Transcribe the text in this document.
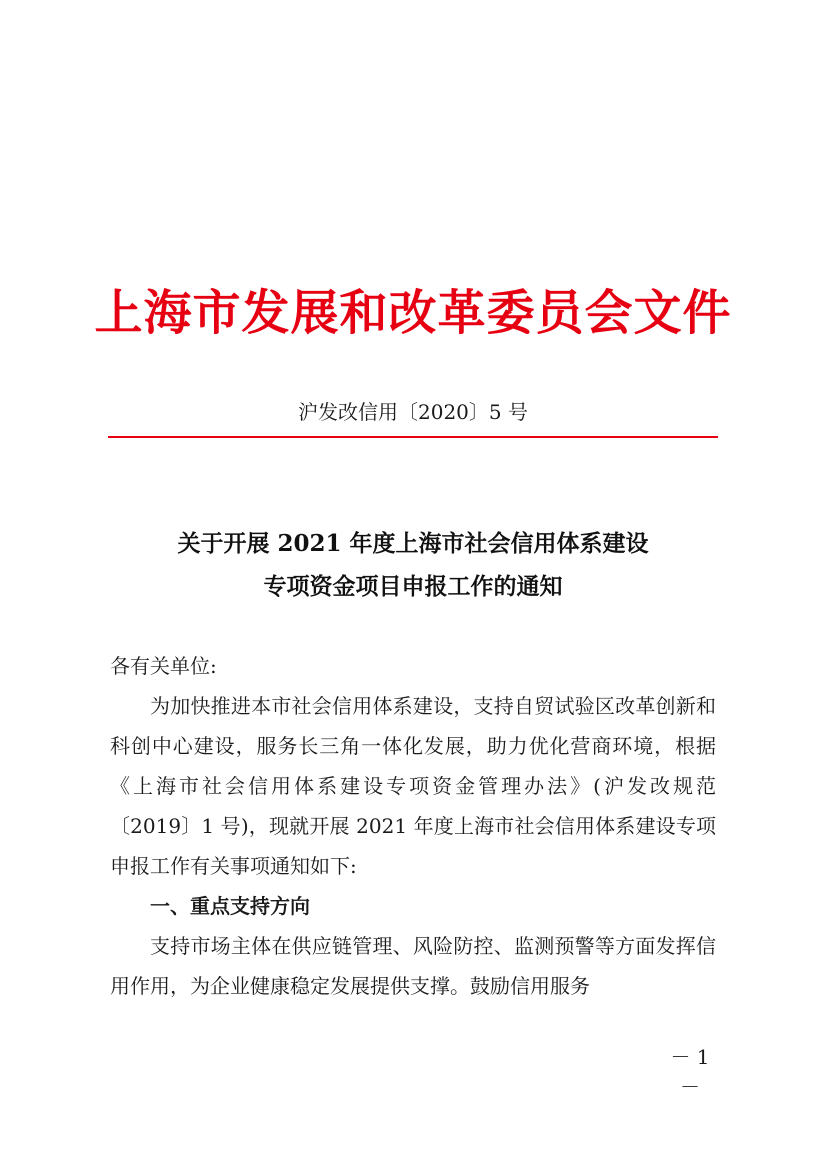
上海市发展和改革委员会文件
沪发改信用〔2020〕5 号
关于开展 2021 年度上海市社会信用体系建设
专项资金项目申报工作的通知

各有关单位:

为加快推进本市社会信用体系建设，支持自贸试验区改革创新和科创中心建设，服务长三角一体化发展，助力优化营商环境，根据《上海市社会信用体系建设专项资金管理办法》(沪发改规范〔2019〕1 号)，现就开展 2021 年度上海市社会信用体系建设专项申报工作有关事项通知如下:

一、重点支持方向

支持市场主体在供应链管理、风险防控、监测预警等方面发挥信用作用，为企业健康稳定发展提供支撑。鼓励信用服务

－ 1 －
